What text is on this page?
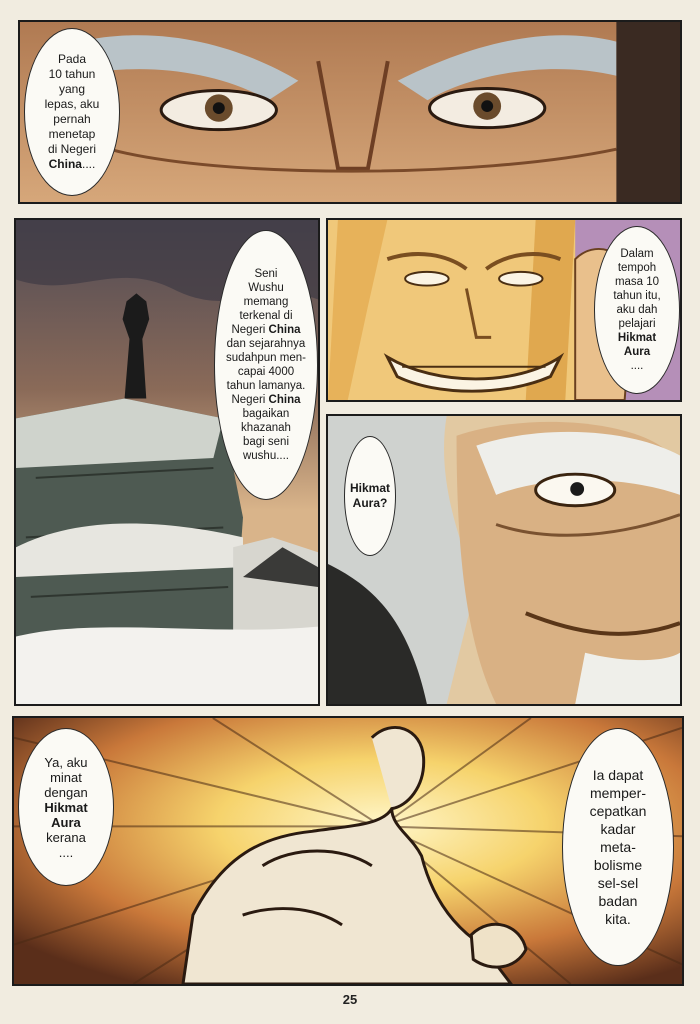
Pada
10 tahun
yang
lepas, aku
pernah
menetap
di Negeri
China....
Seni
Wushu
memang
terkenal di
Negeri China
dan sejarahnya
sudahpun men-
capai 4000
tahun lamanya.
Negeri China
bagaikan
khazanah
bagi seni
wushu....
Dalam
tempoh
masa 10
tahun itu,
aku dah
pelajari
Hikmat
Aura
....
Hikmat
Aura?
Ya, aku
minat
dengan
Hikmat
Aura
kerana
....
Ia dapat
memper-
cepatkan
kadar
meta-
bolisme
sel-sel
badan
kita.
25
